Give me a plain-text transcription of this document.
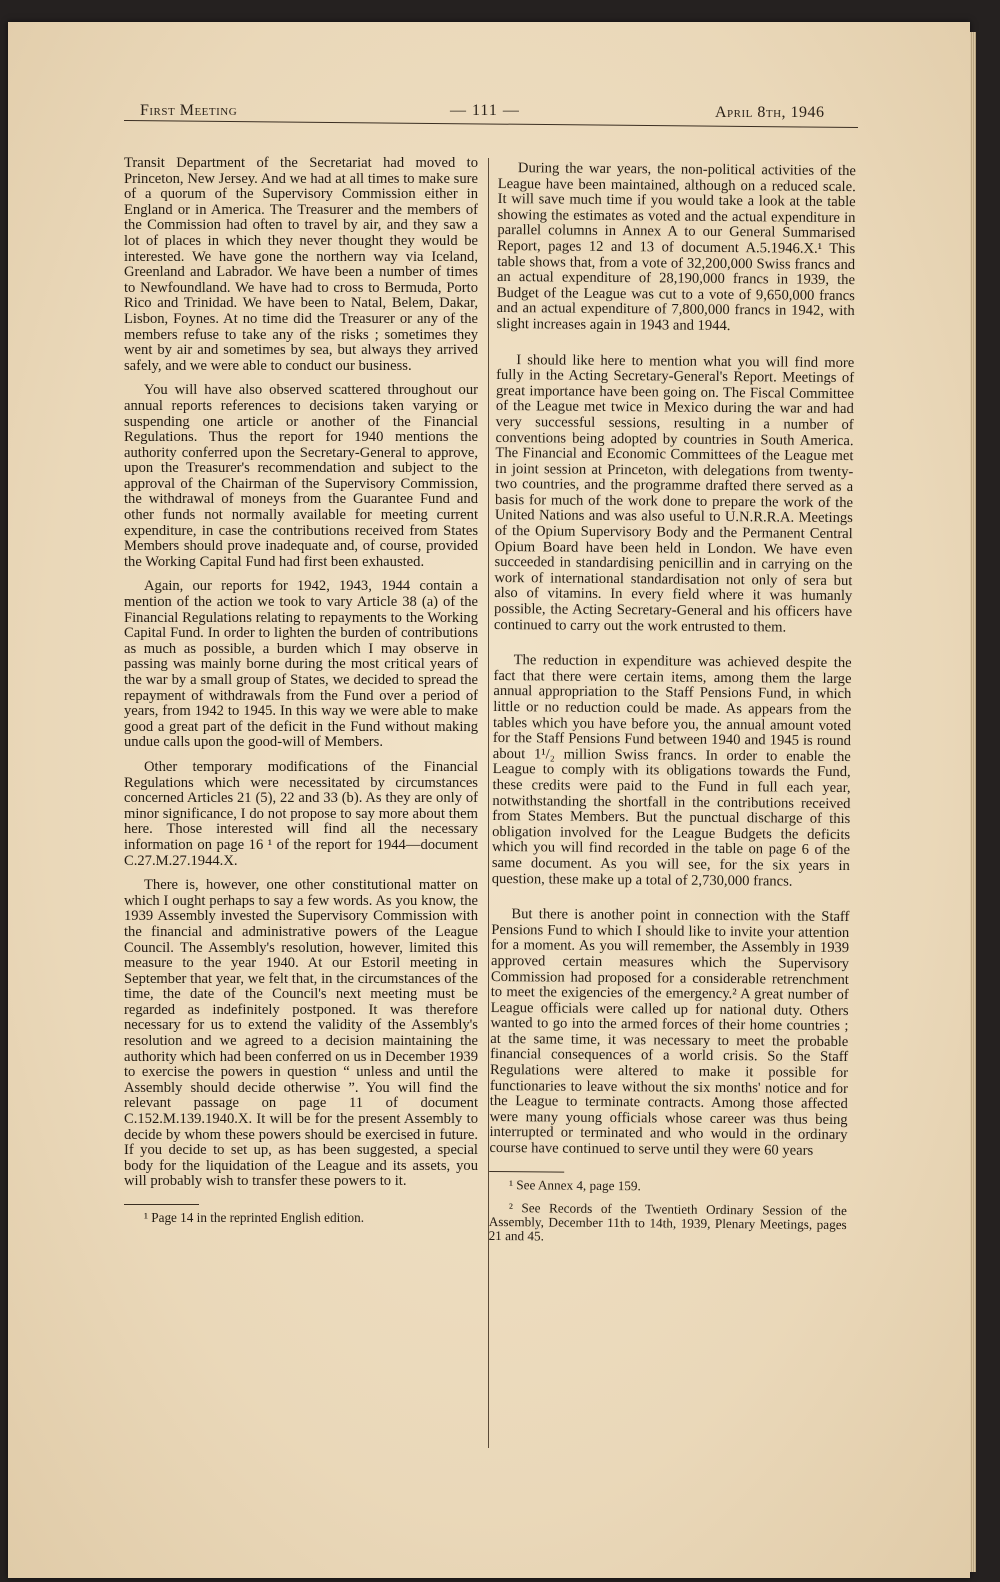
First Meeting	— 111 —	April 8th, 1946

Transit Department of the Secretariat had moved to Princeton, New Jersey. And we had at all times to make sure of a quorum of the Supervisory Commission either in England or in America. The Treasurer and the members of the Commission had often to travel by air, and they saw a lot of places in which they never thought they would be interested. We have gone the northern way via Iceland, Greenland and Labrador. We have been a number of times to Newfoundland. We have had to cross to Bermuda, Porto Rico and Trinidad. We have been to Natal, Belem, Dakar, Lisbon, Foynes. At no time did the Treasurer or any of the members refuse to take any of the risks ; sometimes they went by air and sometimes by sea, but always they arrived safely, and we were able to conduct our business.

You will have also observed scattered throughout our annual reports references to decisions taken varying or suspending one article or another of the Financial Regulations. Thus the report for 1940 mentions the authority conferred upon the Secretary-General to approve, upon the Treasurer's recommendation and subject to the approval of the Chairman of the Supervisory Commission, the withdrawal of moneys from the Guarantee Fund and other funds not normally available for meeting current expenditure, in case the contributions received from States Members should prove inadequate and, of course, provided the Working Capital Fund had first been exhausted.

Again, our reports for 1942, 1943, 1944 contain a mention of the action we took to vary Article 38 (a) of the Financial Regulations relating to repayments to the Working Capital Fund. In order to lighten the burden of contributions as much as possible, a burden which I may observe in passing was mainly borne during the most critical years of the war by a small group of States, we decided to spread the repayment of withdrawals from the Fund over a period of years, from 1942 to 1945. In this way we were able to make good a great part of the deficit in the Fund without making undue calls upon the good-will of Members.

Other temporary modifications of the Financial Regulations which were necessitated by circumstances concerned Articles 21 (5), 22 and 33 (b). As they are only of minor significance, I do not propose to say more about them here. Those interested will find all the necessary information on page 16 ¹ of the report for 1944—document C.27.M.27.1944.X.

There is, however, one other constitutional matter on which I ought perhaps to say a few words. As you know, the 1939 Assembly invested the Supervisory Commission with the financial and administrative powers of the League Council. The Assembly's resolution, however, limited this measure to the year 1940. At our Estoril meeting in September that year, we felt that, in the circumstances of the time, the date of the Council's next meeting must be regarded as indefinitely postponed. It was therefore necessary for us to extend the validity of the Assembly's resolution and we agreed to a decision maintaining the authority which had been conferred on us in December 1939 to exercise the powers in question “ unless and until the Assembly should decide otherwise ”. You will find the relevant passage on page 11 of document C.152.M.139.1940.X. It will be for the present Assembly to decide by whom these powers should be exercised in future. If you decide to set up, as has been suggested, a special body for the liquidation of the League and its assets, you will probably wish to transfer these powers to it.

¹ Page 14 in the reprinted English edition.

During the war years, the non-political activities of the League have been maintained, although on a reduced scale. It will save much time if you would take a look at the table showing the estimates as voted and the actual expenditure in parallel columns in Annex A to our General Summarised Report, pages 12 and 13 of document A.5.1946.X.¹ This table shows that, from a vote of 32,200,000 Swiss francs and an actual expenditure of 28,190,000 francs in 1939, the Budget of the League was cut to a vote of 9,650,000 francs and an actual expenditure of 7,800,000 francs in 1942, with slight increases again in 1943 and 1944.

I should like here to mention what you will find more fully in the Acting Secretary-General's Report. Meetings of great importance have been going on. The Fiscal Committee of the League met twice in Mexico during the war and had very successful sessions, resulting in a number of conventions being adopted by countries in South America. The Financial and Economic Committees of the League met in joint session at Princeton, with delegations from twenty-two countries, and the programme drafted there served as a basis for much of the work done to prepare the work of the United Nations and was also useful to U.N.R.R.A. Meetings of the Opium Supervisory Body and the Permanent Central Opium Board have been held in London. We have even succeeded in standardising penicillin and in carrying on the work of international standardisation not only of sera but also of vitamins. In every field where it was humanly possible, the Acting Secretary-General and his officers have continued to carry out the work entrusted to them.

The reduction in expenditure was achieved despite the fact that there were certain items, among them the large annual appropriation to the Staff Pensions Fund, in which little or no reduction could be made. As appears from the tables which you have before you, the annual amount voted for the Staff Pensions Fund between 1940 and 1945 is round about 1¹/₂ million Swiss francs. In order to enable the League to comply with its obligations towards the Fund, these credits were paid to the Fund in full each year, notwithstanding the shortfall in the contributions received from States Members. But the punctual discharge of this obligation involved for the League Budgets the deficits which you will find recorded in the table on page 6 of the same document. As you will see, for the six years in question, these make up a total of 2,730,000 francs.

But there is another point in connection with the Staff Pensions Fund to which I should like to invite your attention for a moment. As you will remember, the Assembly in 1939 approved certain measures which the Supervisory Commission had proposed for a considerable retrenchment to meet the exigencies of the emergency.² A great number of League officials were called up for national duty. Others wanted to go into the armed forces of their home countries ; at the same time, it was necessary to meet the probable financial consequences of a world crisis. So the Staff Regulations were altered to make it possible for functionaries to leave without the six months' notice and for the League to terminate contracts. Among those affected were many young officials whose career was thus being interrupted or terminated and who would in the ordinary course have continued to serve until they were 60 years

¹ See Annex 4, page 159.

² See Records of the Twentieth Ordinary Session of the Assembly, December 11th to 14th, 1939, Plenary Meetings, pages 21 and 45.
